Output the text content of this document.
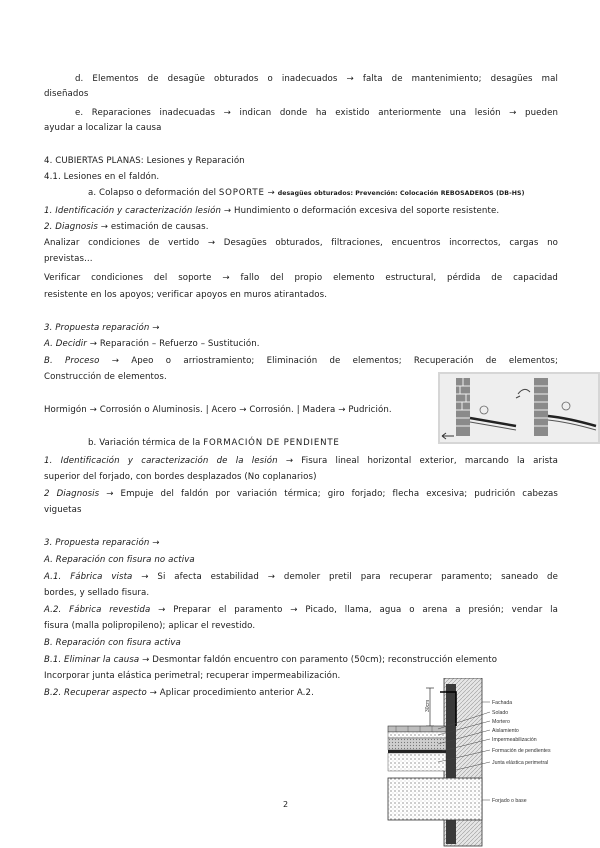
d. Elementos de desagüe obturados o inadecuados → falta de mantenimiento; desagües mal
diseñados
e. Reparaciones inadecuadas → indican donde ha existido anteriormente una lesión → pueden
ayudar a localizar la causa
4. CUBIERTAS PLANAS: Lesiones y Reparación
4.1. Lesiones en el faldón.
a. Colapso o deformación del SOPORTE → desagües obturados: Prevención: Colocación REBOSADEROS (DB-HS)
1. Identificación y caracterización lesión → Hundimiento o deformación excesiva del soporte resistente.
2. Diagnosis → estimación de causas.
Analizar condiciones de vertido → Desagües obturados, filtraciones, encuentros incorrectos, cargas no
previstas…
Verificar condiciones del soporte → fallo del propio elemento estructural, pérdida de capacidad
resistente en los apoyos; verificar apoyos en muros atirantados.
3. Propuesta reparación →
A. Decidir → Reparación – Refuerzo – Sustitución.
B. Proceso → Apeo o arriostramiento; Eliminación de elementos; Recuperación de elementos;
Construcción de elementos.
Hormigón → Corrosión o Aluminosis. | Acero → Corrosión. | Madera → Pudrición.
b. Variación térmica de la FORMACIÓN DE PENDIENTE
1. Identificación y caracterización de la lesión → Fisura lineal horizontal exterior, marcando la arista
superior del forjado, con bordes desplazados (No coplanarios)
2 Diagnosis → Empuje del faldón por variación térmica; giro forjado; flecha excesiva; pudrición cabezas
viguetas
3. Propuesta reparación →
A. Reparación con fisura no activa
A.1. Fábrica vista → Si afecta estabilidad → demoler pretil para recuperar paramento; saneado de
bordes, y sellado fisura.
A.2. Fábrica revestida → Preparar el paramento → Picado, llama, agua o arena a presión; vendar la
fisura (malla polipropileno); aplicar el revestido.
B. Reparación con fisura activa
B.1. Eliminar la causa → Desmontar faldón encuentro con paramento (50cm); reconstrucción elemento
Incorporar junta elástica perimetral; recuperar impermeabilización.
B.2. Recuperar aspecto → Aplicar procedimiento anterior A.2.
2
30cm	Fachada
Solado
Mortero
Aislamiento
Impermeabilización
Formación de pendientes
Junta elástica perimetral
Forjado o base
